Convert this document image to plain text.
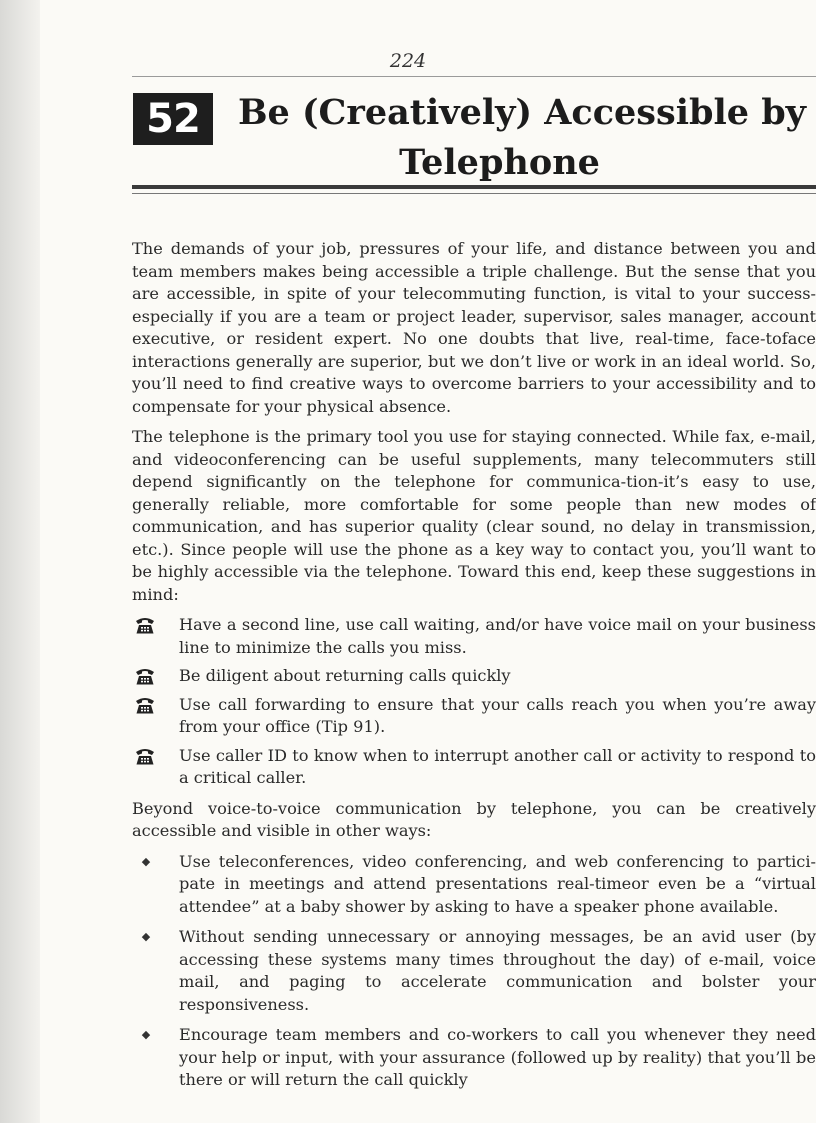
224
52	Be (Creatively) Accessible by
Telephone

The demands of your job, pressures of your life, and distance between you and team members makes being accessible a triple challenge. But the sense that you are accessible, in spite of your telecommuting function, is vital to your success-especially if you are a team or project leader, supervisor, sales manager, account executive, or resident expert. No one doubts that live, real-time, face-toface interactions generally are superior, but we don’t live or work in an ideal world. So, you’ll need to find creative ways to overcome barriers to your accessibility and to compensate for your physical absence.

The telephone is the primary tool you use for staying connected. While fax, e-mail, and videoconferencing can be useful supplements, many telecommuters still depend significantly on the telephone for communica-tion-it’s easy to use, generally reliable, more comfortable for some people than new modes of communication, and has superior quality (clear sound, no delay in transmission, etc.). Since people will use the phone as a key way to contact you, you’ll want to be highly accessible via the telephone. Toward this end, keep these suggestions in mind:

Have a second line, use call waiting, and/or have voice mail on your business line to minimize the calls you miss.
Be diligent about returning calls quickly
Use call forwarding to ensure that your calls reach you when you’re away from your office (Tip 91).
Use caller ID to know when to interrupt another call or activity to respond to a critical caller.

Beyond voice-to-voice communication by telephone, you can be creatively accessible and visible in other ways:

◆	Use teleconferences, video conferencing, and web conferencing to partici-pate in meetings and attend presentations real-timeor even be a “virtual attendee” at a baby shower by asking to have a speaker phone available.
◆	Without sending unnecessary or annoying messages, be an avid user (by accessing these systems many times throughout the day) of e-mail, voice mail, and paging to accelerate communication and bolster your responsiveness.
◆	Encourage team members and co-workers to call you whenever they need your help or input, with your assurance (followed up by reality) that you’ll be there or will return the call quickly
